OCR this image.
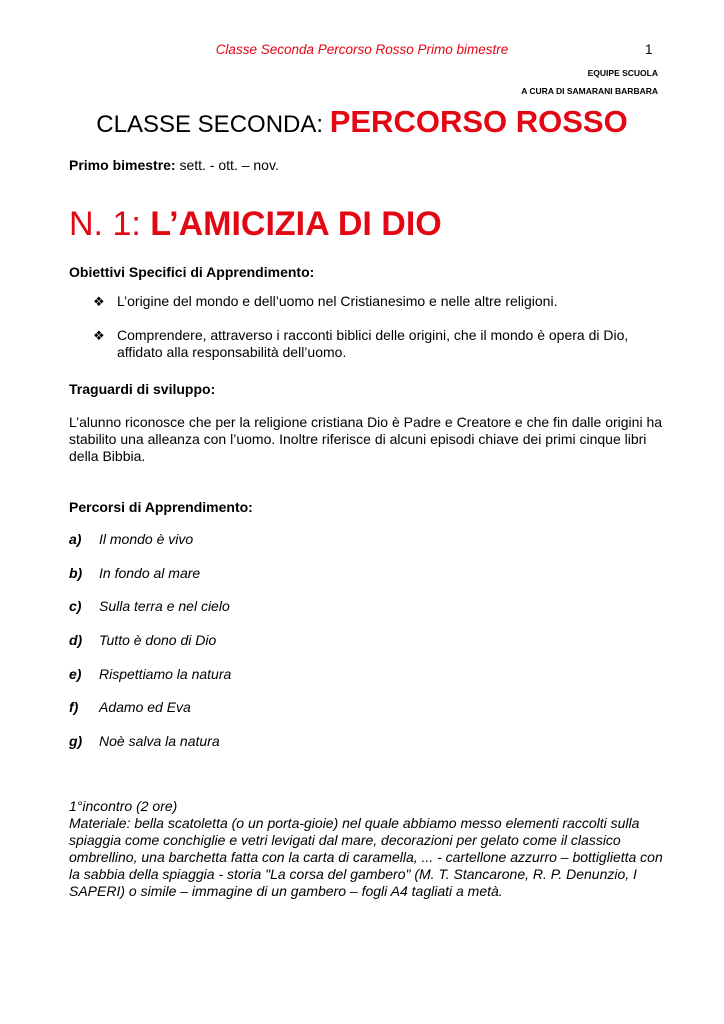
Classe Seconda Percorso Rosso Primo bimestre	1
EQUIPE SCUOLA
A CURA DI SAMARANI BARBARA
CLASSE SECONDA: PERCORSO ROSSO
Primo bimestre: sett. - ott. – nov.
N. 1: L’AMICIZIA DI DIO
Obiettivi Specifici di Apprendimento:
❖ L’origine del mondo e dell’uomo nel Cristianesimo e nelle altre religioni.
❖ Comprendere, attraverso i racconti biblici delle origini, che il mondo è opera di Dio, affidato alla responsabilità dell’uomo.
Traguardi di sviluppo:
L’alunno riconosce che per la religione cristiana Dio è Padre e Creatore e che fin dalle origini ha stabilito una alleanza con l’uomo. Inoltre riferisce di alcuni episodi chiave dei primi cinque libri della Bibbia.
Percorsi di Apprendimento:
a) Il mondo è vivo
b) In fondo al mare
c) Sulla terra e nel cielo
d) Tutto è dono di Dio
e) Rispettiamo la natura
f) Adamo ed Eva
g) Noè salva la natura

1°incontro (2 ore)

Materiale: bella scatoletta (o un porta-gioie) nel quale abbiamo messo elementi raccolti sulla spiaggia come conchiglie e vetri levigati dal mare, decorazioni per gelato come il classico ombrellino, una barchetta fatta con la carta di caramella, ... - cartellone azzurro – bottiglietta con la sabbia della spiaggia - storia "La corsa del gambero" (M. T. Stancarone, R. P. Denunzio, I SAPERI) o simile – immagine di un gambero – fogli A4 tagliati a metà.
